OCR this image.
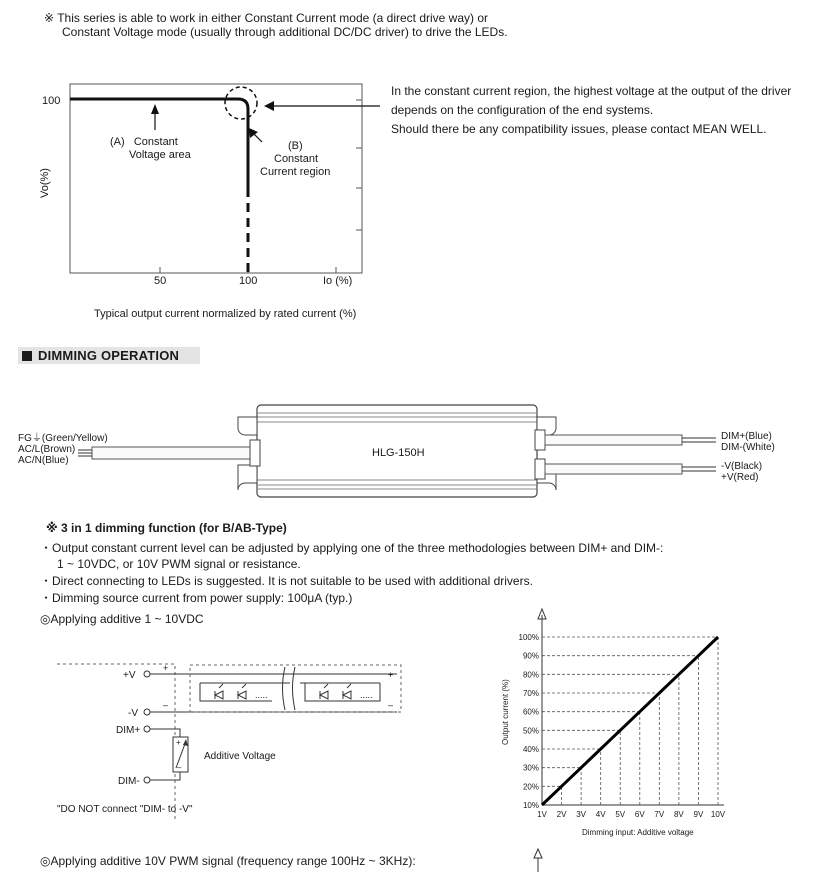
※ This series is able to work in either Constant Current mode (a direct drive way) or
Constant Voltage mode (usually through additional DC/DC driver) to drive the LEDs.
100
50	100	Io (%)
Vo(%)
(A)   Constant
Voltage area
(B)
Constant
Current region
Typical output current normalized by rated current (%)
In the constant current region, the highest voltage at the output of the driver
depends on the configuration of the end systems.
Should there be any compatibility issues, please contact MEAN WELL.
DIMMING OPERATION
HLG-150H
FG⏚(Green/Yellow)
AC/L(Brown)
AC/N(Blue)
DIM+(Blue)
DIM-(White)
-V(Black)
+V(Red)
※ 3 in 1 dimming function (for B/AB-Type)
・Output constant current level can be adjusted by applying one of the three methodologies between DIM+ and DIM-:
1 ~ 10VDC, or 10V PWM signal or resistance.
・Direct connecting to LEDs is suggested. It is not suitable to be used with additional drivers.
・Dimming source current from power supply: 100μA (typ.)
◎Applying additive 1 ~ 10VDC
◎Applying additive 10V PWM signal (frequency range 100Hz ~ 3KHz):
+
–
.....	.....
+
–
+
–
+V
-V
DIM+
DIM-
Additive Voltage
"DO NOT connect "DIM- to -V"	10%
20%
30%
40%
50%
60%
70%
80%
90%
100%
1V 2V 3V 4V 5V 6V 7V 8V 9V 10V
Output current (%)
Dimming input: Additive voltage
